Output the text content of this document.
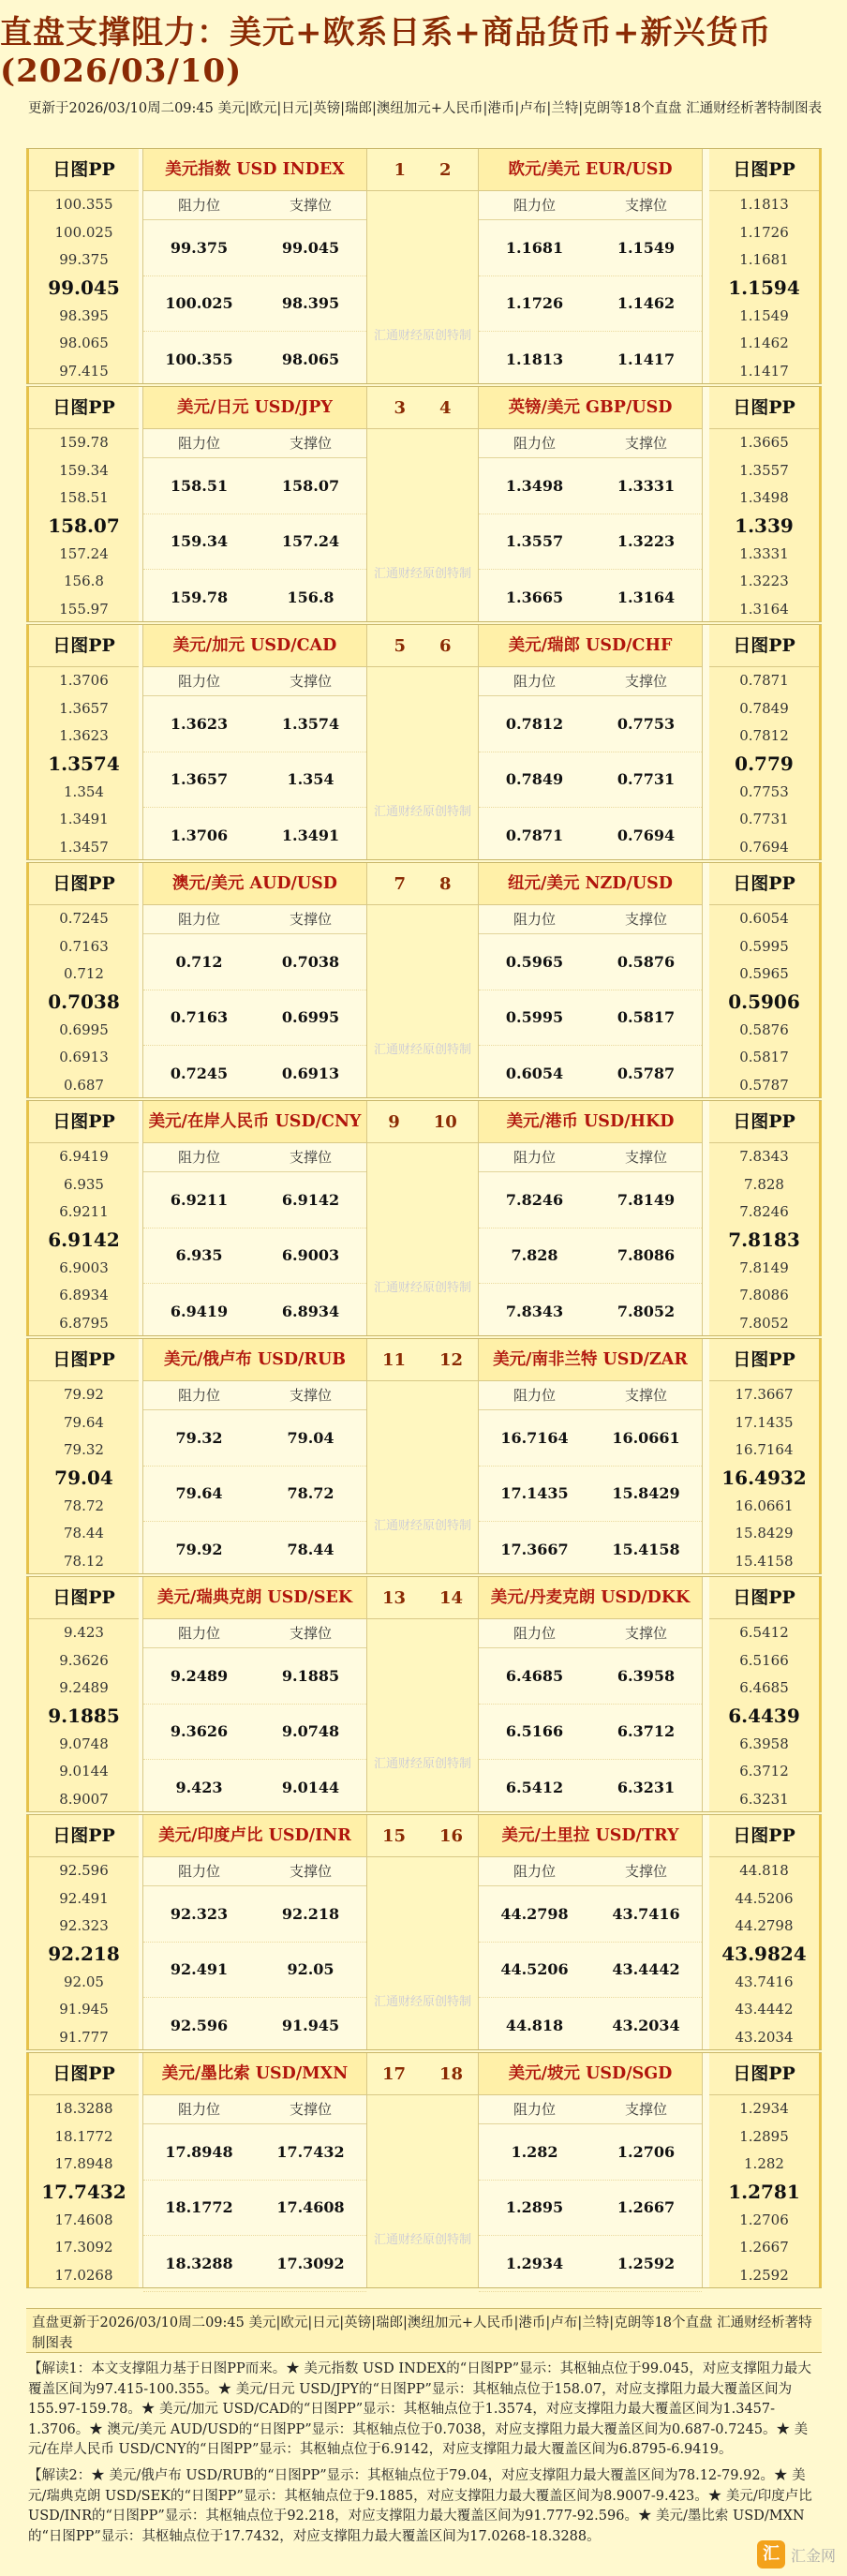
直盘支撑阻力：美元+欧系日系+商品货币+新兴货币(2026/03/10)
更新于2026/03/10周二09:45 美元|欧元|日元|英镑|瑞郎|澳纽加元+人民币|港币|卢布|兰特|克朗等18个直盘 汇通财经析著特制图表
日图PP
100.355
100.025
99.375
99.045
98.395
98.065
97.415
美元指数 USD INDEX
阻力位	支撑位
99.375	99.045
100.025	98.395
100.355	98.065
日图PP
1.1813
1.1726
1.1681
1.1594
1.1549
1.1462
1.1417
欧元/美元 EUR/USD
阻力位	支撑位
1.1681	1.1549
1.1726	1.1462
1.1813	1.1417
1 2
汇通财经原创特制
日图PP
159.78
159.34
158.51
158.07
157.24
156.8
155.97
美元/日元 USD/JPY
阻力位	支撑位
158.51	158.07
159.34	157.24
159.78	156.8
日图PP
1.3665
1.3557
1.3498
1.339
1.3331
1.3223
1.3164
英镑/美元 GBP/USD
阻力位	支撑位
1.3498	1.3331
1.3557	1.3223
1.3665	1.3164
3 4
汇通财经原创特制
日图PP
1.3706
1.3657
1.3623
1.3574
1.354
1.3491
1.3457
美元/加元 USD/CAD
阻力位	支撑位
1.3623	1.3574
1.3657	1.354
1.3706	1.3491
日图PP
0.7871
0.7849
0.7812
0.779
0.7753
0.7731
0.7694
美元/瑞郎 USD/CHF
阻力位	支撑位
0.7812	0.7753
0.7849	0.7731
0.7871	0.7694
5 6
汇通财经原创特制
日图PP
0.7245
0.7163
0.712
0.7038
0.6995
0.6913
0.687
澳元/美元 AUD/USD
阻力位	支撑位
0.712	0.7038
0.7163	0.6995
0.7245	0.6913
日图PP
0.6054
0.5995
0.5965
0.5906
0.5876
0.5817
0.5787
纽元/美元 NZD/USD
阻力位	支撑位
0.5965	0.5876
0.5995	0.5817
0.6054	0.5787
7 8
汇通财经原创特制
日图PP
6.9419
6.935
6.9211
6.9142
6.9003
6.8934
6.8795
美元/在岸人民币 USD/CNY
阻力位	支撑位
6.9211	6.9142
6.935	6.9003
6.9419	6.8934
日图PP
7.8343
7.828
7.8246
7.8183
7.8149
7.8086
7.8052
美元/港币 USD/HKD
阻力位	支撑位
7.8246	7.8149
7.828	7.8086
7.8343	7.8052
9 10
汇通财经原创特制
日图PP
79.92
79.64
79.32
79.04
78.72
78.44
78.12
美元/俄卢布 USD/RUB
阻力位	支撑位
79.32	79.04
79.64	78.72
79.92	78.44
日图PP
17.3667
17.1435
16.7164
16.4932
16.0661
15.8429
15.4158
美元/南非兰特 USD/ZAR
阻力位	支撑位
16.7164	16.0661
17.1435	15.8429
17.3667	15.4158
11 12
汇通财经原创特制
日图PP
9.423
9.3626
9.2489
9.1885
9.0748
9.0144
8.9007
美元/瑞典克朗 USD/SEK
阻力位	支撑位
9.2489	9.1885
9.3626	9.0748
9.423	9.0144
日图PP
6.5412
6.5166
6.4685
6.4439
6.3958
6.3712
6.3231
美元/丹麦克朗 USD/DKK
阻力位	支撑位
6.4685	6.3958
6.5166	6.3712
6.5412	6.3231
13 14
汇通财经原创特制
日图PP
92.596
92.491
92.323
92.218
92.05
91.945
91.777
美元/印度卢比 USD/INR
阻力位	支撑位
92.323	92.218
92.491	92.05
92.596	91.945
日图PP
44.818
44.5206
44.2798
43.9824
43.7416
43.4442
43.2034
美元/土里拉 USD/TRY
阻力位	支撑位
44.2798	43.7416
44.5206	43.4442
44.818	43.2034
15 16
汇通财经原创特制
日图PP
18.3288
18.1772
17.8948
17.7432
17.4608
17.3092
17.0268
美元/墨比索 USD/MXN
阻力位	支撑位
17.8948	17.7432
18.1772	17.4608
18.3288	17.3092
日图PP
1.2934
1.2895
1.282
1.2781
1.2706
1.2667
1.2592
美元/坡元 USD/SGD
阻力位	支撑位
1.282	1.2706
1.2895	1.2667
1.2934	1.2592
17 18
汇通财经原创特制
直盘更新于2026/03/10周二09:45 美元|欧元|日元|英镑|瑞郎|澳纽加元+人民币|港币|卢布|兰特|克朗等18个直盘 汇通财经析著特制图表
【解读1：本文支撑阻力基于日图PP而来。★ 美元指数 USD INDEX的“日图PP”显示：其枢轴点位于99.045，对应支撑阻力最大覆盖区间为97.415-100.355。★ 美元/日元 USD/JPY的“日图PP”显示：其枢轴点位于158.07，对应支撑阻力最大覆盖区间为155.97-159.78。★ 美元/加元 USD/CAD的“日图PP”显示：其枢轴点位于1.3574，对应支撑阻力最大覆盖区间为1.3457-1.3706。★ 澳元/美元 AUD/USD的“日图PP”显示：其枢轴点位于0.7038，对应支撑阻力最大覆盖区间为0.687-0.7245。★ 美元/在岸人民币 USD/CNY的“日图PP”显示：其枢轴点位于6.9142，对应支撑阻力最大覆盖区间为6.8795-6.9419。
【解读2：★ 美元/俄卢布 USD/RUB的“日图PP”显示：其枢轴点位于79.04，对应支撑阻力最大覆盖区间为78.12-79.92。★ 美元/瑞典克朗 USD/SEK的“日图PP”显示：其枢轴点位于9.1885，对应支撑阻力最大覆盖区间为8.9007-9.423。★ 美元/印度卢比 USD/INR的“日图PP”显示：其枢轴点位于92.218，对应支撑阻力最大覆盖区间为91.777-92.596。★ 美元/墨比索 USD/MXN的“日图PP”显示：其枢轴点位于17.7432，对应支撑阻力最大覆盖区间为17.0268-18.3288。
汇 汇金网
